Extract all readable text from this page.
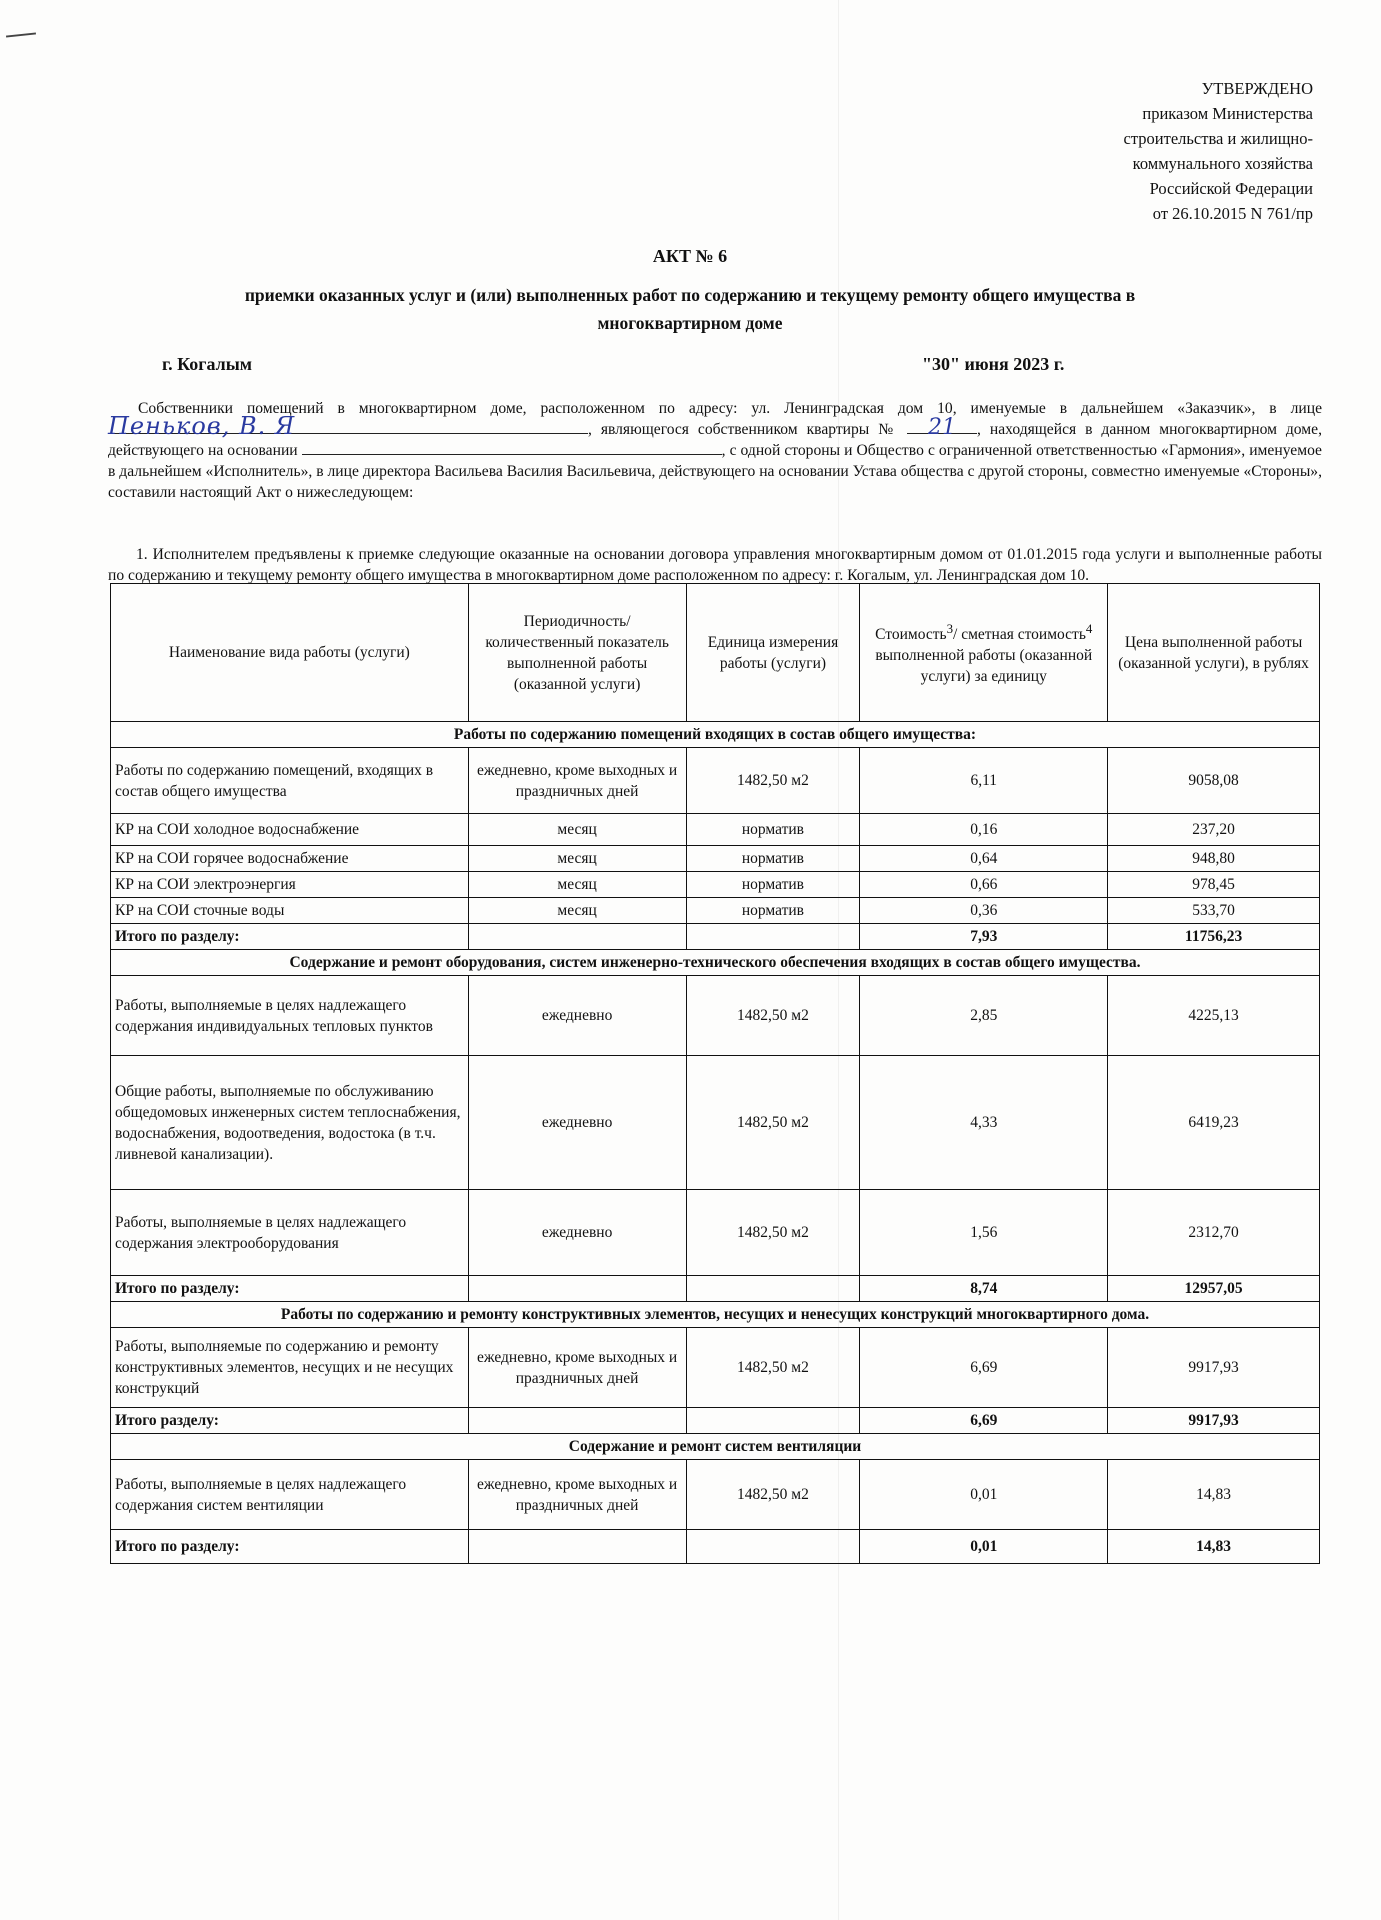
УТВЕРЖДЕНО
приказом Министерства
строительства и жилищно-
коммунального хозяйства
Российской Федерации
от 26.10.2015 N 761/пр
АКТ № 6
приемки оказанных услуг и (или) выполненных работ по содержанию и текущему ремонту общего имущества в
многоквартирном доме
г. Когалым	"30" июня 2023 г.
Собственники помещений в многоквартирном доме, расположенном по адресу: ул. Ленинградская дом 10, именуемые в дальнейшем «Заказчик», в лице Пеньков, В. Я	, являющегося собственником квартиры № 21 , находящейся в данном многоквартирном доме, действующего на основании	, с одной стороны и Обществo с ограниченной ответственностью «Гармония», именуемое в дальнейшем «Исполнитель», в лице директора Васильева Василия Васильевича, действующего на основании Устава общества с другой стороны, совместно именуемые «Стороны», составили настоящий Акт о нижеследующем:
1. Исполнителем предъявлены к приемке следующие оказанные на основании договора управления многоквартирным домом от 01.01.2015 года услуги и выполненные работы по содержанию и текущему ремонту общего имущества в многоквартирном доме расположенном по адресу: г. Когалым, ул. Ленинградская дом 10.
Наименование вида работы (услуги)	Периодичность/ количественный показатель выполненной работы (оказанной услуги)	Единица измерения работы (услуги)	Стоимость$^3$/ сметная стоимость$^4$ выполненной работы (оказанной услуги) за единицу	Цена выполненной работы (оказанной услуги), в рублях
Работы по содержанию помещений входящих в состав общего имущества:				
Работы по содержанию помещений, входящих в состав общего имущества	ежедневно, кроме выходных и праздничных дней	1482,50 м2	6,11	9058,08
КР на СОИ холодное водоснабжение	месяц	норматив	0,16	237,20
КР на СОИ горячее водоснабжение	месяц	норматив	0,64	948,80
КР на СОИ электроэнергия	месяц	норматив	0,66	978,45
КР на СОИ сточные воды	месяц	норматив	0,36	533,70
Итого по разделу:			7,93	11756,23
Содержание и ремонт оборудования, систем инженерно-технического обеспечения входящих в состав общего имущества.				
Работы, выполняемые в целях надлежащего содержания индивидуальных тепловых пунктов	ежедневно	1482,50 м2	2,85	4225,13
Общие работы, выполняемые по обслуживанию общедомовых инженерных систем теплоснабжения, водоснабжения, водоотведения, водостока (в т.ч. ливневой канализации).	ежедневно	1482,50 м2	4,33	6419,23
Работы, выполняемые в целях надлежащего содержания электрооборудования	ежедневно	1482,50 м2	1,56	2312,70
Итого по разделу:			8,74	12957,05
Работы по содержанию и ремонту конструктивных элементов, несущих и ненесущих конструкций многоквартирного дома.				
Работы, выполняемые по содержанию и ремонту конструктивных элементов, несущих и не несущих конструкций	ежедневно, кроме выходных и праздничных дней	1482,50 м2	6,69	9917,93
Итого разделу:			6,69	9917,93
Содержание и ремонт систем вентиляции				
Работы, выполняемые в целях надлежащего содержания систем вентиляции	ежедневно, кроме выходных и праздничных дней	1482,50 м2	0,01	14,83
Итого по разделу:			0,01	14,83
